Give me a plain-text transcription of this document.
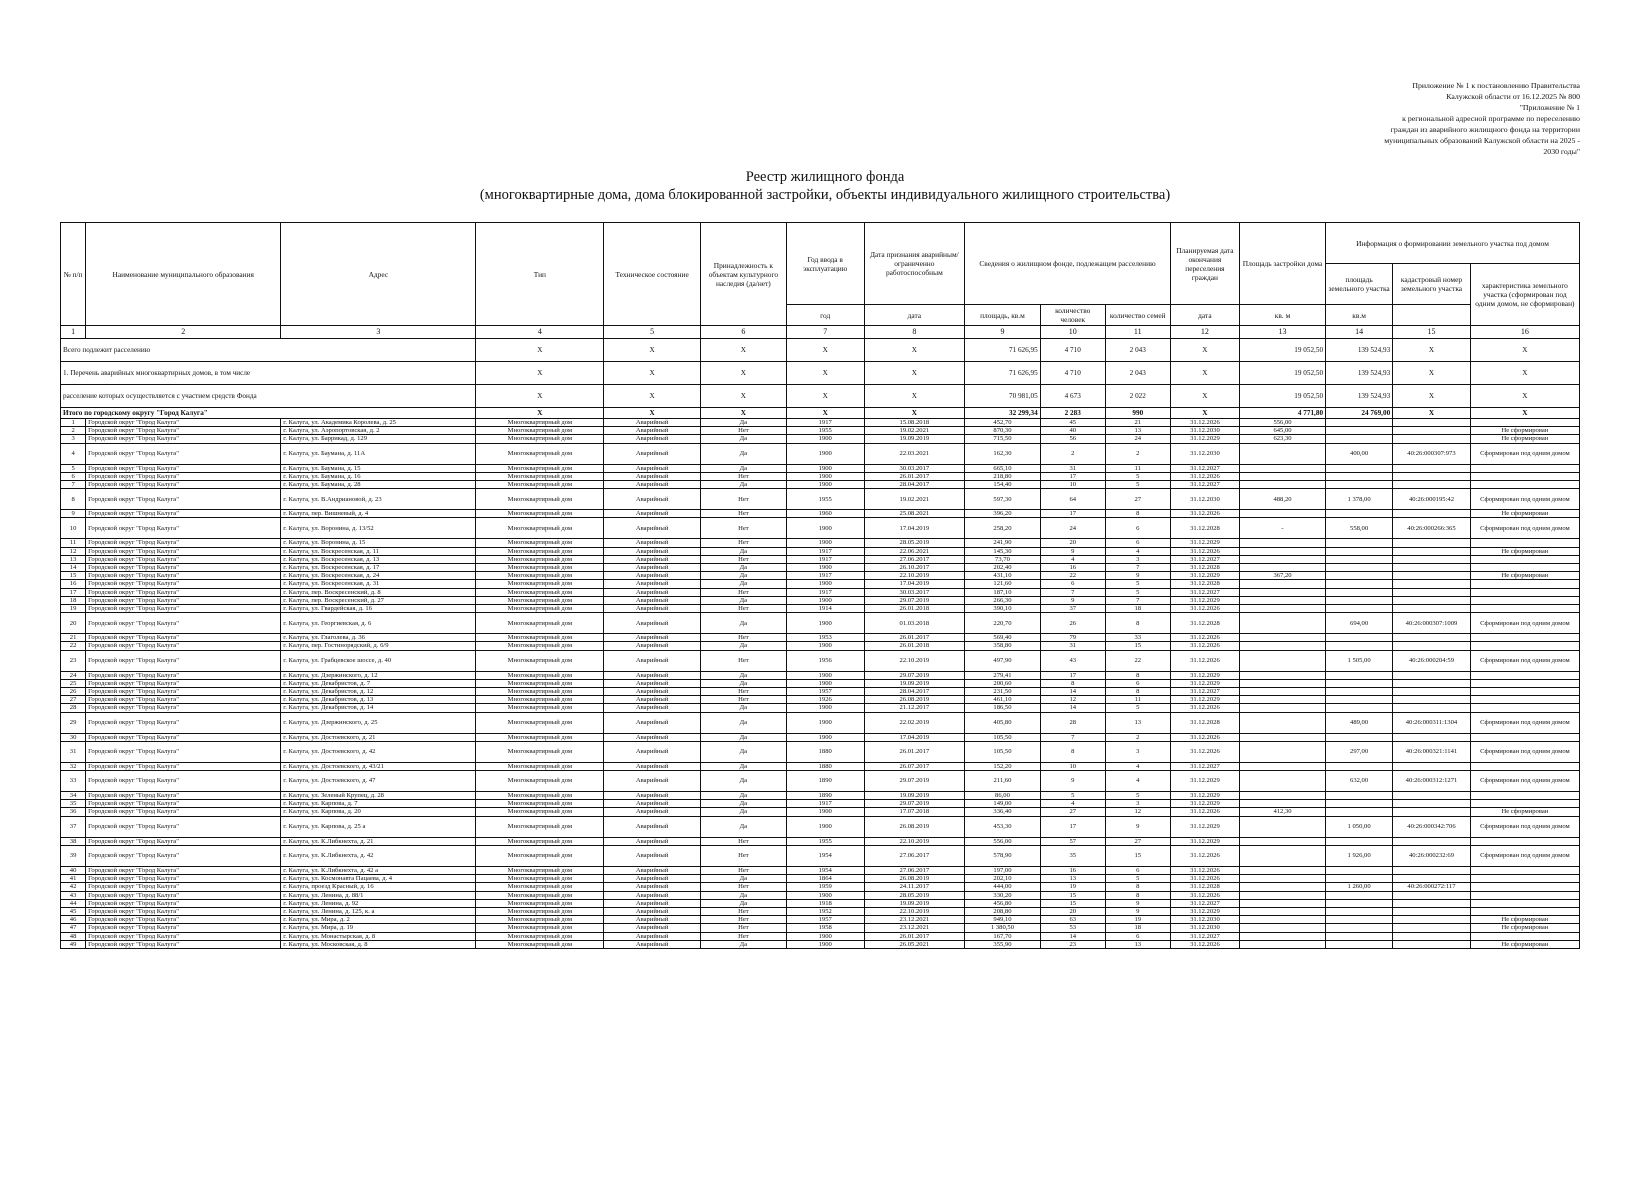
Приложение № 1 к постановлению Правительства
Калужской области от 16.12.2025 № 800
"Приложение № 1
к региональной адресной программе по переселению
граждан из аварийного жилищного фонда на территории
муниципальных образований Калужской области на 2025 -
2030 годы"
Реестр жилищного фонда
(многоквартирные дома, дома блокированной застройки, объекты индивидуального жилищного строительства)
№ п/п	Наименование муниципального образования	Адрес	Тип	Техническое состояние	Принадлежность к объектам культурного наследия (да/нет)	Год ввода в эксплуатацию	Дата признания аварийным/ограниченно работоспособным	Сведения о жилищном фонде, подлежащем расселению			Планируемая дата окончания переселения граждан	Площадь застройки дома	Информация о формировании земельного участка под домом		
													площадь земельного участка	кадастровый номер земельного участка	характеристика земельного участка (сформирован под одним домом, не сформирован)
						год	дата	площадь, кв.м	количество человек	количество семей	дата	кв. м	кв.м		
1	2	3	4	5	6	7	8	9	10	11	12	13	14	15	16
Всего подлежит расселению			X	X	X	X	X	71 626,95	4 710	2 043	X	19 052,50	139 524,93	X	X
1. Перечень аварийных многоквартирных домов, в том числе			X	X	X	X	X	71 626,95	4 710	2 043	X	19 052,50	139 524,93	X	X
расселение которых осуществляется с участием средств Фонда			X	X	X	X	X	70 981,05	4 673	2 022	X	19 052,50	139 524,93	X	X
Итого по городскому округу "Город Калуга"			X	X	X	X	X	32 299,34	2 283	990	X	4 771,80	24 769,00	X	X
1	Городской округ "Город Калуга"	г. Калуга, ул. Академика Королева, д. 25	Многоквартирный дом	Аварийный	Да	1917	15.08.2018	452,70	45	21	31.12.2026	556,00			
2	Городской округ "Город Калуга"	г. Калуга, ул. Аэропортовская, д. 2	Многоквартирный дом	Аварийный	Нет	1955	19.02.2021	870,30	40	13	31.12.2030	645,00			Не сформирован
3	Городской округ "Город Калуга"	г. Калуга, ул. Баррикад, д. 129	Многоквартирный дом	Аварийный	Да	1900	19.09.2019	715,50	56	24	31.12.2029	623,30			Не сформирован
4	Городской округ "Город Калуга"	г. Калуга, ул. Баумана, д. 11А	Многоквартирный дом	Аварийный	Да	1900	22.03.2021	162,30	2	2	31.12.2030		400,00	40:26:000307:973	Сформирован под одним домом
5	Городской округ "Город Калуга"	г. Калуга, ул. Баумана, д. 15	Многоквартирный дом	Аварийный	Да	1900	30.03.2017	665,10	31	11	31.12.2027				
6	Городской округ "Город Калуга"	г. Калуга, ул. Баумана, д. 16	Многоквартирный дом	Аварийный	Нет	1900	26.01.2017	218,80	17	5	31.12.2026				
7	Городской округ "Город Калуга"	г. Калуга, ул. Баумана, д. 28	Многоквартирный дом	Аварийный	Да	1900	28.04.2017	154,40	10	5	31.12.2027				
8	Городской округ "Город Калуга"	г. Калуга, ул. В.Андриановой, д. 23	Многоквартирный дом	Аварийный	Нет	1955	19.02.2021	597,30	64	27	31.12.2030	488,20	1 378,00	40:26:000195:42	Сформирован под одним домом
9	Городской округ "Город Калуга"	г. Калуга, пер. Вишневый, д. 4	Многоквартирный дом	Аварийный	Нет	1960	25.08.2021	396,20	17	8	31.12.2026				Не сформирован
10	Городской округ "Город Калуга"	г. Калуга, ул. Воронина, д. 13/52	Многоквартирный дом	Аварийный	Нет	1900	17.04.2019	258,20	24	6	31.12.2028	-	558,00	40:26:000266:365	Сформирован под одним домом
11	Городской округ "Город Калуга"	г. Калуга, ул. Воронина, д. 15	Многоквартирный дом	Аварийный	Нет	1900	28.05.2019	241,90	20	6	31.12.2029				
12	Городской округ "Город Калуга"	г. Калуга, ул. Воскресенская, д. 11	Многоквартирный дом	Аварийный	Да	1917	22.06.2021	145,30	9	4	31.12.2026				Не сформирован
13	Городской округ "Город Калуга"	г. Калуга, ул. Воскресенская, д. 13	Многоквартирный дом	Аварийный	Нет	1917	27.06.2017	73,70	4	3	31.12.2027				
14	Городской округ "Город Калуга"	г. Калуга, ул. Воскресенская, д. 17	Многоквартирный дом	Аварийный	Да	1900	26.10.2017	202,40	16	7	31.12.2028				
15	Городской округ "Город Калуга"	г. Калуга, ул. Воскресенская, д. 24	Многоквартирный дом	Аварийный	Да	1917	22.10.2019	431,10	22	9	31.12.2029	367,20			Не сформирован
16	Городской округ "Город Калуга"	г. Калуга, ул. Воскресенская, д. 31	Многоквартирный дом	Аварийный	Да	1900	17.04.2019	121,60	6	5	31.12.2028				
17	Городской округ "Город Калуга"	г. Калуга, пер. Воскресенский, д. 8	Многоквартирный дом	Аварийный	Нет	1917	30.03.2017	187,10	7	5	31.12.2027				
18	Городской округ "Город Калуга"	г. Калуга, пер. Воскресенский, д. 27	Многоквартирный дом	Аварийный	Да	1900	29.07.2019	266,30	9	7	31.12.2029				
19	Городской округ "Город Калуга"	г. Калуга, ул. Гвардейская, д. 16	Многоквартирный дом	Аварийный	Нет	1914	26.01.2018	390,10	37	18	31.12.2026				
20	Городской округ "Город Калуга"	г. Калуга, ул. Георгиевская, д. 6	Многоквартирный дом	Аварийный	Да	1900	01.03.2018	220,70	26	8	31.12.2028		694,00	40:26:000307:1009	Сформирован под одним домом
21	Городской округ "Город Калуга"	г. Калуга, ул. Глаголева, д. 36	Многоквартирный дом	Аварийный	Нет	1953	26.01.2017	569,40	79	33	31.12.2026				
22	Городской округ "Город Калуга"	г. Калуга, пер. Гостинорядский, д. 6/9	Многоквартирный дом	Аварийный	Да	1900	26.01.2018	358,80	31	15	31.12.2026				
23	Городской округ "Город Калуга"	г. Калуга, ул. Грабцевское шоссе, д. 40	Многоквартирный дом	Аварийный	Нет	1956	22.10.2019	497,90	43	22	31.12.2026		1 505,00	40:26:000204:59	Сформирован под одним домом
24	Городской округ "Город Калуга"	г. Калуга, ул. Дзержинского, д. 12	Многоквартирный дом	Аварийный	Да	1900	29.07.2019	279,41	17	8	31.12.2029				
25	Городской округ "Город Калуга"	г. Калуга, ул. Декабристов, д. 7	Многоквартирный дом	Аварийный	Да	1900	19.09.2019	200,60	8	6	31.12.2029				
26	Городской округ "Город Калуга"	г. Калуга, ул. Декабристов, д. 12	Многоквартирный дом	Аварийный	Нет	1957	28.04.2017	231,50	14	8	31.12.2027				
27	Городской округ "Город Калуга"	г. Калуга, ул. Декабристов, д. 13	Многоквартирный дом	Аварийный	Нет	1926	26.08.2019	461,10	12	11	31.12.2029				
28	Городской округ "Город Калуга"	г. Калуга, ул. Декабристов, д. 14	Многоквартирный дом	Аварийный	Да	1900	21.12.2017	186,50	14	5	31.12.2026				
29	Городской округ "Город Калуга"	г. Калуга, ул. Дзержинского, д. 25	Многоквартирный дом	Аварийный	Да	1900	22.02.2019	405,80	28	13	31.12.2028		489,00	40:26:000311:1304	Сформирован под одним домом
30	Городской округ "Город Калуга"	г. Калуга, ул. Достоевского, д. 21	Многоквартирный дом	Аварийный	Да	1900	17.04.2019	105,50	7	2	31.12.2026				
31	Городской округ "Город Калуга"	г. Калуга, ул. Достоевского, д. 42	Многоквартирный дом	Аварийный	Да	1880	26.01.2017	105,50	8	3	31.12.2026		297,00	40:26:000321:1141	Сформирован под одним домом
32	Городской округ "Город Калуга"	г. Калуга, ул. Достоевского, д. 43/21	Многоквартирный дом	Аварийный	Да	1880	26.07.2017	152,20	10	4	31.12.2027				
33	Городской округ "Город Калуга"	г. Калуга, ул. Достоевского, д. 47	Многоквартирный дом	Аварийный	Да	1890	29.07.2019	211,60	9	4	31.12.2029		632,00	40:26:000312:1271	Сформирован под одним домом
34	Городской округ "Город Калуга"	г. Калуга, ул. Зеленый Крупец, д. 28	Многоквартирный дом	Аварийный	Да	1890	19.09.2019	86,00	5	5	31.12.2029				
35	Городской округ "Город Калуга"	г. Калуга, ул. Карпова, д. 7	Многоквартирный дом	Аварийный	Да	1917	29.07.2019	149,00	4	3	31.12.2029				
36	Городской округ "Город Калуга"	г. Калуга, ул. Карпова, д. 20	Многоквартирный дом	Аварийный	Да	1900	17.07.2018	336,40	27	12	31.12.2026	412,30			Не сформирован
37	Городской округ "Город Калуга"	г. Калуга, ул. Карпова, д. 25 а	Многоквартирный дом	Аварийный	Да	1900	26.08.2019	453,30	17	9	31.12.2029		1 050,00	40:26:000342:706	Сформирован под одним домом
38	Городской округ "Город Калуга"	г. Калуга, ул. К.Либкнехта, д. 21	Многоквартирный дом	Аварийный	Нет	1955	22.10.2019	556,00	57	27	31.12.2029				
39	Городской округ "Город Калуга"	г. Калуга, ул. К.Либкнехта, д. 42	Многоквартирный дом	Аварийный	Нет	1954	27.06.2017	578,90	35	15	31.12.2026		1 926,00	40:26:000232:69	Сформирован под одним домом
40	Городской округ "Город Калуга"	г. Калуга, ул. К.Либкнехта, д. 42 а	Многоквартирный дом	Аварийный	Нет	1954	27.06.2017	197,00	16	6	31.12.2026				
41	Городской округ "Город Калуга"	г. Калуга, ул. Космонавта Пацаева, д. 4	Многоквартирный дом	Аварийный	Да	1864	26.08.2019	202,10	13	5	31.12.2026				
42	Городской округ "Город Калуга"	г. Калуга, проезд Красный, д. 16	Многоквартирный дом	Аварийный	Нет	1959	24.11.2017	444,00	19	8	31.12.2028		1 260,00	40:26:000272:117	
43	Городской округ "Город Калуга"	г. Калуга, ул. Ленина, д. 88/1	Многоквартирный дом	Аварийный	Да	1900	28.05.2019	330,20	15	8	31.12.2026				
44	Городской округ "Город Калуга"	г. Калуга, ул. Ленина, д. 92	Многоквартирный дом	Аварийный	Да	1918	19.09.2019	456,80	15	9	31.12.2027				
45	Городской округ "Город Калуга"	г. Калуга, ул. Ленина, д. 125, к. а	Многоквартирный дом	Аварийный	Нет	1952	22.10.2019	208,80	20	9	31.12.2029				
46	Городской округ "Город Калуга"	г. Калуга, ул. Мира, д. 2	Многоквартирный дом	Аварийный	Нет	1957	23.12.2021	949,10	63	19	31.12.2030				Не сформирован
47	Городской округ "Город Калуга"	г. Калуга, ул. Мира, д. 19	Многоквартирный дом	Аварийный	Нет	1958	23.12.2021	1 380,50	53	18	31.12.2030				Не сформирован
48	Городской округ "Город Калуга"	г. Калуга, ул. Монастырская, д. 8	Многоквартирный дом	Аварийный	Нет	1900	26.01.2017	167,70	14	6	31.12.2027				
49	Городской округ "Город Калуга"	г. Калуга, ул. Московская, д. 8	Многоквартирный дом	Аварийный	Да	1900	26.05.2021	355,90	23	13	31.12.2026				Не сформирован
